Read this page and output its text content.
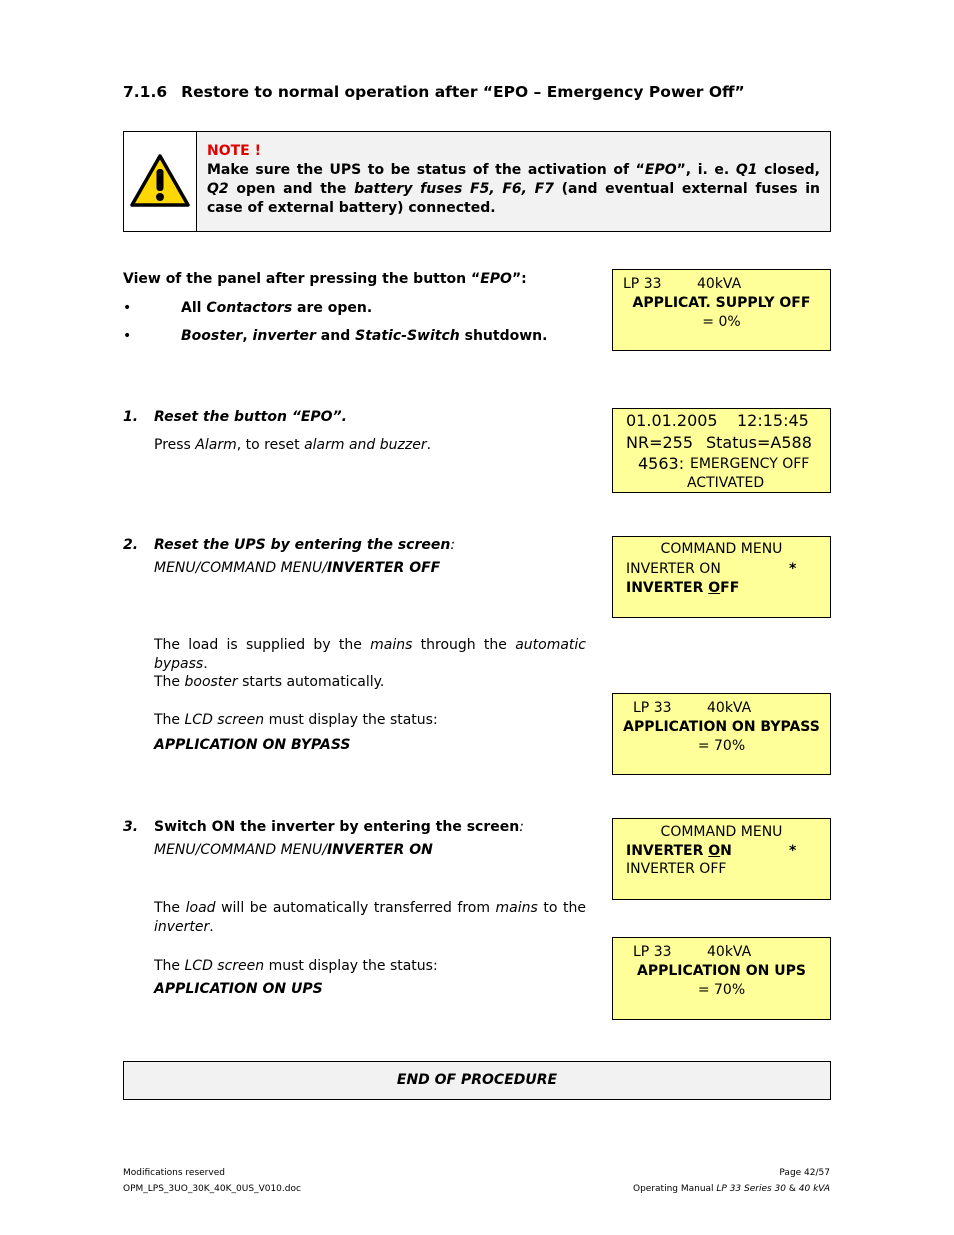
7.1.6 Restore to normal operation after “EPO – Emergency Power Off”
NOTE !
Make sure the UPS to be status of the activation of “EPO”, i. e. Q1 closed, Q2 open and the battery fuses F5, F6, F7 (and eventual external fuses in case of external battery) connected.
View of the panel after pressing the button “EPO”:
•	All Contactors are open.
•	Booster, inverter and Static-Switch shutdown.
LP 33	40kVA
APPLICAT. SUPPLY OFF
= 0%
1. Reset the button “EPO”.
Press Alarm, to reset alarm and buzzer.
01.01.2005 12:15:45
NR=255 Status=A588
4563: EMERGENCY OFF
ACTIVATED
2. Reset the UPS by entering the screen:
MENU/COMMAND MENU/INVERTER OFF
The load is supplied by the mains through the automatic bypass.
The booster starts automatically.
The LCD screen must display the status:
APPLICATION ON BYPASS
COMMAND MENU
INVERTER ON	*
INVERTER OFF
LP 33	40kVA
APPLICATION ON BYPASS
= 70%
3. Switch ON the inverter by entering the screen:
MENU/COMMAND MENU/INVERTER ON
The load will be automatically transferred from mains to the inverter.
The LCD screen must display the status:
APPLICATION ON UPS
COMMAND MENU
INVERTER ON	*
INVERTER OFF
LP 33	40kVA
APPLICATION ON UPS
= 70%
END OF PROCEDURE
Modifications reserved
OPM_LPS_3UO_30K_40K_0US_V010.doc
Page 42/57
Operating Manual LP 33 Series 30 & 40 kVA
